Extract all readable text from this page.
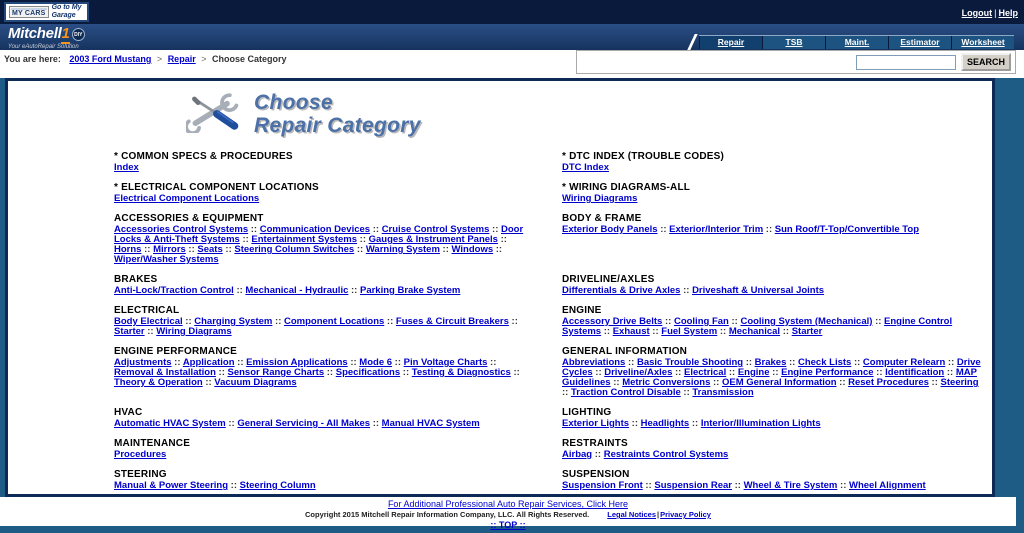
MY CARS
Go to My Garage	Logout | Help
Mitchell1 DIY
Your eAutoRepair Solution	Repair	TSB	Maint.	Estimator	Worksheet
You are here: 2003 Ford Mustang > Repair > Choose Category	SEARCH
Choose
Repair Category
* COMMON SPECS & PROCEDURES
Index
* DTC INDEX (TROUBLE CODES)
DTC Index
* ELECTRICAL COMPONENT LOCATIONS
Electrical Component Locations
* WIRING DIAGRAMS-ALL
Wiring Diagrams
ACCESSORIES & EQUIPMENT
Accessories Control Systems :: Communication Devices :: Cruise Control Systems :: Door Locks & Anti-Theft Systems :: Entertainment Systems :: Gauges & Instrument Panels :: Horns :: Mirrors :: Seats :: Steering Column Switches :: Warning System :: Windows :: Wiper/Washer Systems
BODY & FRAME
Exterior Body Panels :: Exterior/Interior Trim :: Sun Roof/T-Top/Convertible Top
BRAKES
Anti-Lock/Traction Control :: Mechanical - Hydraulic :: Parking Brake System
DRIVELINE/AXLES
Differentials & Drive Axles :: Driveshaft & Universal Joints
ELECTRICAL
Body Electrical :: Charging System :: Component Locations :: Fuses & Circuit Breakers :: Starter :: Wiring Diagrams
ENGINE
Accessory Drive Belts :: Cooling Fan :: Cooling System (Mechanical) :: Engine Control Systems :: Exhaust :: Fuel System :: Mechanical :: Starter
ENGINE PERFORMANCE
Adjustments :: Application :: Emission Applications :: Mode 6 :: Pin Voltage Charts :: Removal & Installation :: Sensor Range Charts :: Specifications :: Testing & Diagnostics :: Theory & Operation :: Vacuum Diagrams
GENERAL INFORMATION
Abbreviations :: Basic Trouble Shooting :: Brakes :: Check Lists :: Computer Relearn :: Drive Cycles :: Driveline/Axles :: Electrical :: Engine :: Engine Performance :: Identification :: MAP Guidelines :: Metric Conversions :: OEM General Information :: Reset Procedures :: Steering :: Traction Control Disable :: Transmission
HVAC
Automatic HVAC System :: General Servicing - All Makes :: Manual HVAC System
LIGHTING
Exterior Lights :: Headlights :: Interior/Illumination Lights
MAINTENANCE
Procedures
RESTRAINTS
Airbag :: Restraints Control Systems
STEERING
Manual & Power Steering :: Steering Column
SUSPENSION
Suspension Front :: Suspension Rear :: Wheel & Tire System :: Wheel Alignment
For Additional Professional Auto Repair Services, Click Here
Copyright 2015 Mitchell Repair Information Company, LLC. All Rights Reserved. Legal Notices|Privacy Policy
:: TOP ::
